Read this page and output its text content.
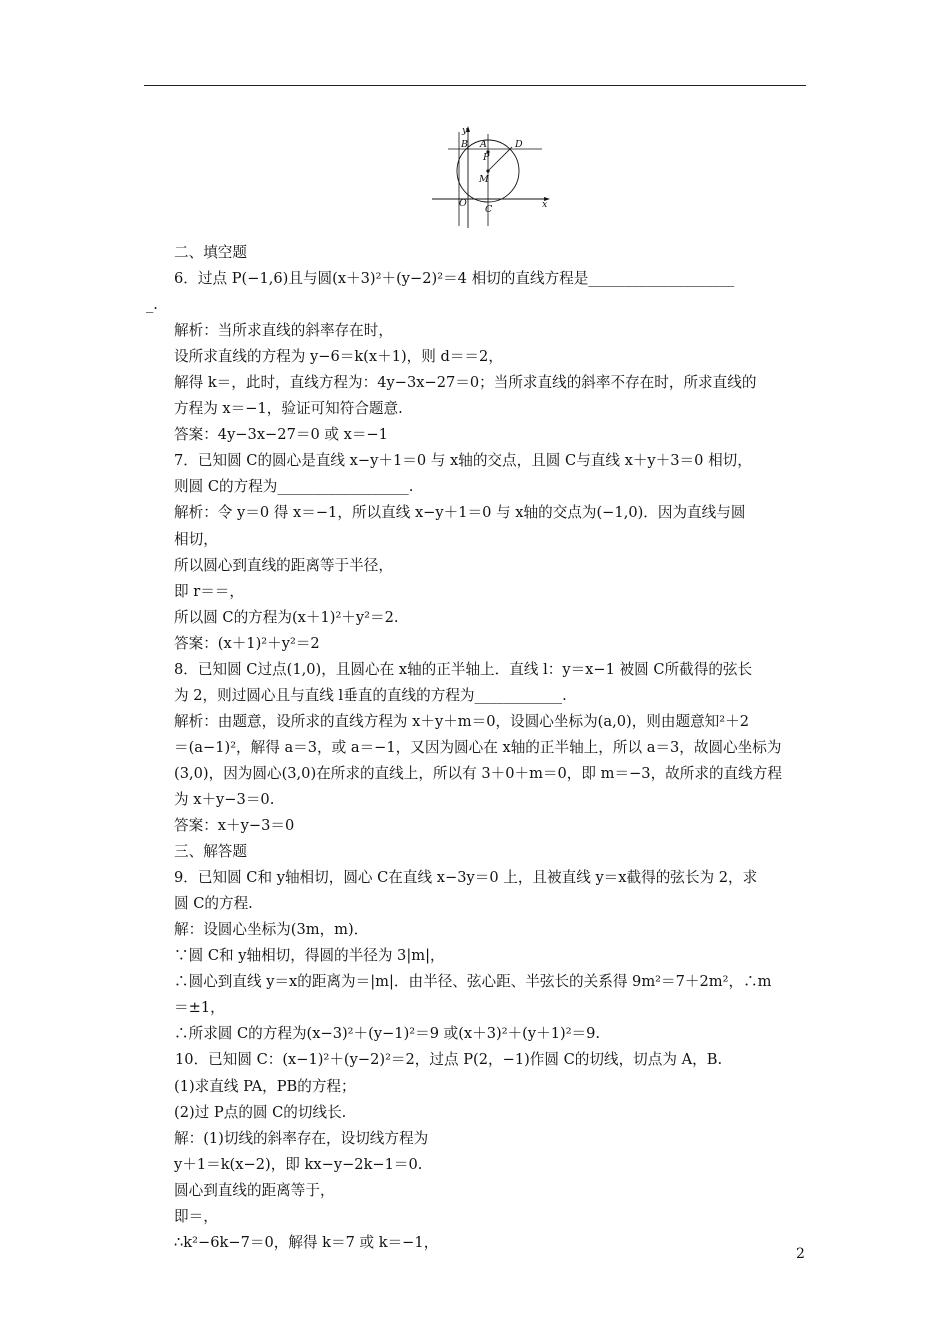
y
x
A
B	D
P
M
O
C
二、填空题
6．过点 P(−1,6)且与圆(x＋3)²＋(y−2)²＝4 相切的直线方程是____________________
_.
解析：当所求直线的斜率存在时，
设所求直线的方程为 y−6＝k(x＋1)，则 d＝＝2，
解得 k＝，此时，直线方程为：4y−3x−27＝0；当所求直线的斜率不存在时，所求直线的
方程为 x＝−1，验证可知符合题意.
答案：4y−3x−27＝0 或 x＝−1
7．已知圆 C的圆心是直线 x−y＋1＝0 与 x轴的交点，且圆 C与直线 x＋y＋3＝0 相切，
则圆 C的方程为__________________.
解析：令 y＝0 得 x＝−1，所以直线 x−y＋1＝0 与 x轴的交点为(−1,0)．因为直线与圆
相切，
所以圆心到直线的距离等于半径，
即 r＝＝，
所以圆 C的方程为(x＋1)²＋y²＝2.
答案：(x＋1)²＋y²＝2
8．已知圆 C过点(1,0)，且圆心在 x轴的正半轴上．直线 l：y＝x−1 被圆 C所截得的弦长
为 2，则过圆心且与直线 l垂直的直线的方程为____________.
解析：由题意，设所求的直线方程为 x＋y＋m＝0，设圆心坐标为(a,0)，则由题意知²＋2
＝(a−1)²，解得 a＝3，或 a＝−1，又因为圆心在 x轴的正半轴上，所以 a＝3，故圆心坐标为
(3,0)，因为圆心(3,0)在所求的直线上，所以有 3＋0＋m＝0，即 m＝−3，故所求的直线方程
为 x＋y−3＝0.
答案：x＋y−3＝0
三、解答题
9．已知圆 C和 y轴相切，圆心 C在直线 x−3y＝0 上，且被直线 y＝x截得的弦长为 2，求
圆 C的方程.
解：设圆心坐标为(3m，m)．
∵圆 C和 y轴相切，得圆的半径为 3|m|，
∴圆心到直线 y＝x的距离为＝|m|．由半径、弦心距、半弦长的关系得 9m²＝7＋2m²，∴m
＝±1，
∴所求圆 C的方程为(x−3)²＋(y−1)²＝9 或(x＋3)²＋(y＋1)²＝9.
10．已知圆 C：(x−1)²＋(y−2)²＝2，过点 P(2，−1)作圆 C的切线，切点为 A，B.
(1)求直线 PA，PB的方程；
(2)过 P点的圆 C的切线长.
解：(1)切线的斜率存在，设切线方程为
y＋1＝k(x−2)，即 kx−y−2k−1＝0.
圆心到直线的距离等于，
即＝，
∴k²−6k−7＝0，解得 k＝7 或 k＝−1，
2
